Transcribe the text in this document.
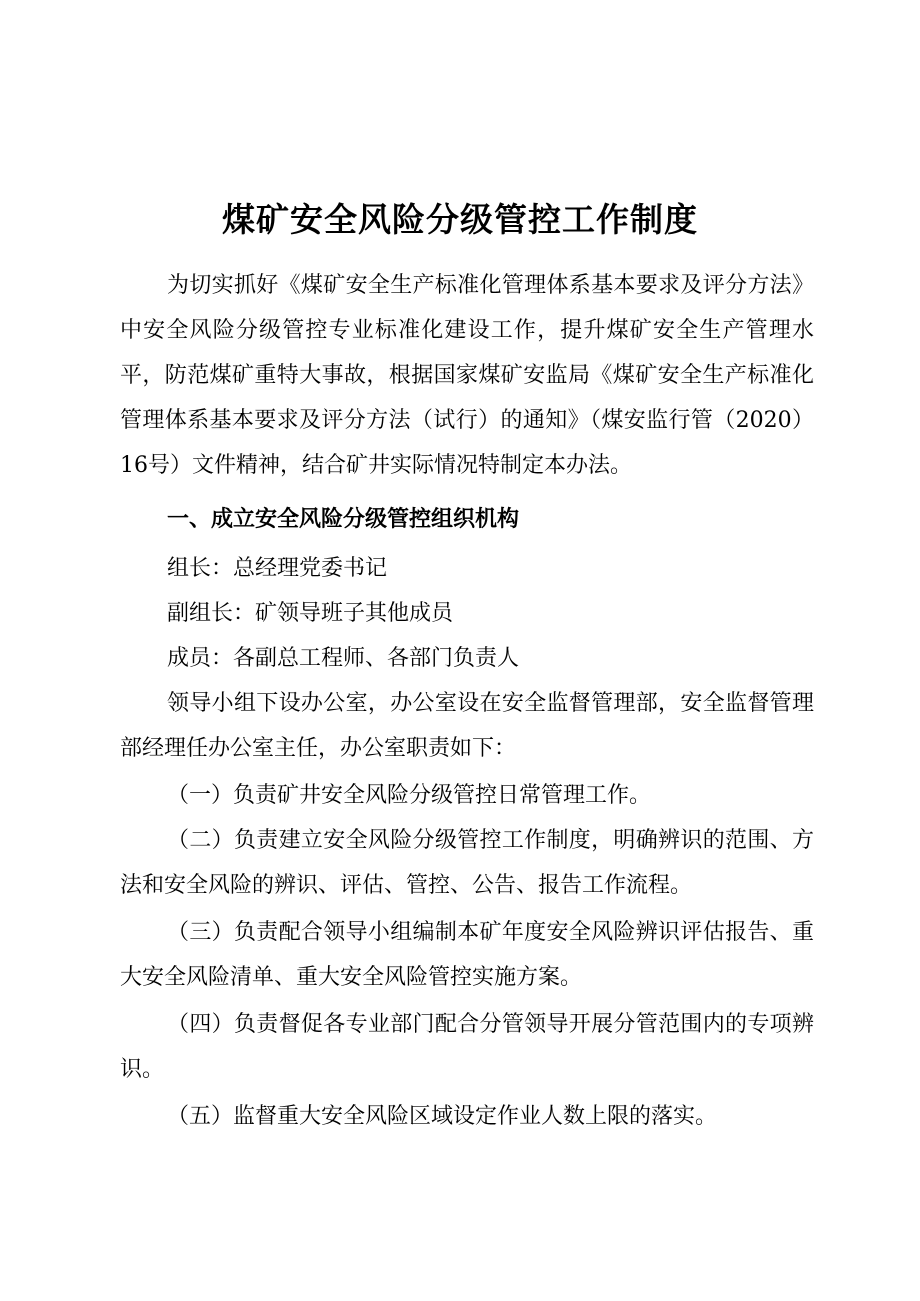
煤矿安全风险分级管控工作制度
为切实抓好《煤矿安全生产标准化管理体系基本要求及评分方法》中安全风险分级管控专业标准化建设工作，提升煤矿安全生产管理水平，防范煤矿重特大事故，根据国家煤矿安监局《煤矿安全生产标准化管理体系基本要求及评分方法（试行）的通知》（煤安监行管（2020）16号）文件精神，结合矿井实际情况特制定本办法。
一、成立安全风险分级管控组织机构
组长：总经理党委书记
副组长：矿领导班子其他成员
成员：各副总工程师、各部门负责人
领导小组下设办公室，办公室设在安全监督管理部，安全监督管理部经理任办公室主任，办公室职责如下：
（一）负责矿井安全风险分级管控日常管理工作。
（二）负责建立安全风险分级管控工作制度，明确辨识的范围、方法和安全风险的辨识、评估、管控、公告、报告工作流程。
（三）负责配合领导小组编制本矿年度安全风险辨识评估报告、重大安全风险清单、重大安全风险管控实施方案。
（四）负责督促各专业部门配合分管领导开展分管范围内的专项辨识。
（五）监督重大安全风险区域设定作业人数上限的落实。
